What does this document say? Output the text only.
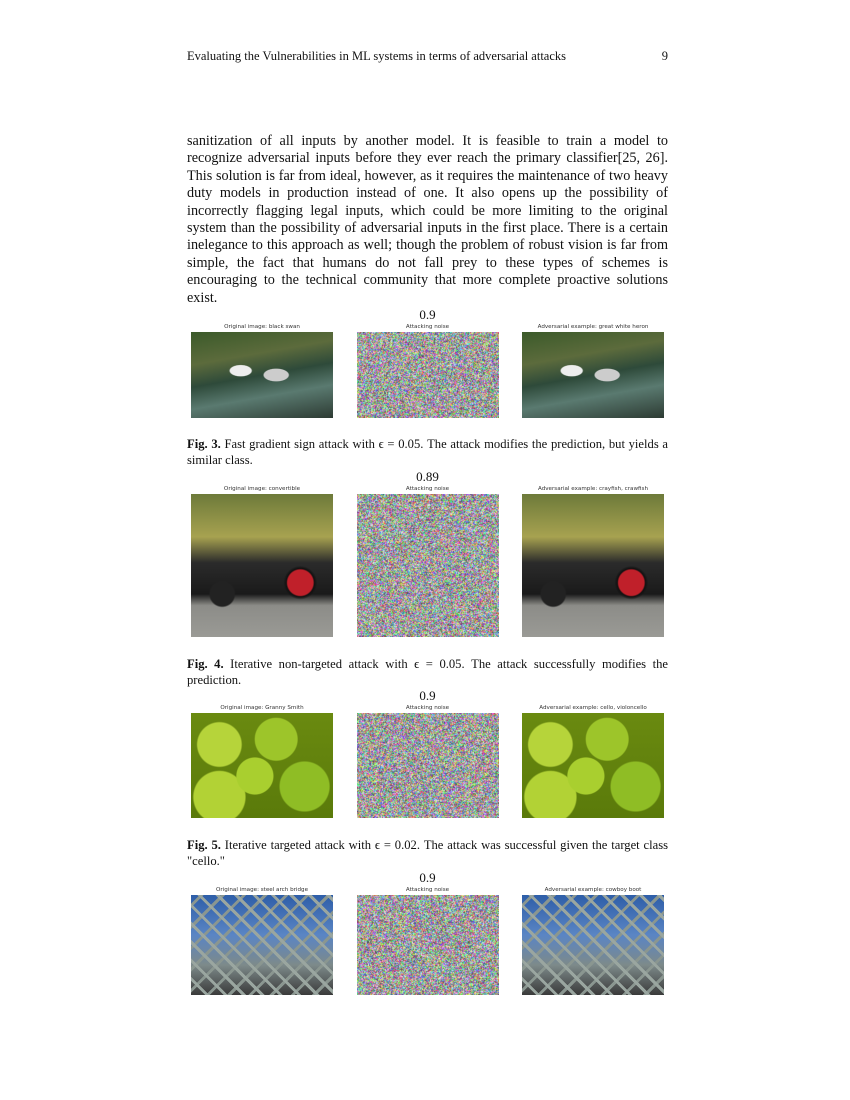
Evaluating the Vulnerabilities in ML systems in terms of adversarial attacks	9

sanitization of all inputs by another model. It is feasible to train a model to recognize adversarial inputs before they ever reach the primary classifier[25, 26]. This solution is far from ideal, however, as it requires the maintenance of two heavy duty models in production instead of one. It also opens up the possibility of incorrectly flagging legal inputs, which could be more limiting to the original system than the possibility of adversarial inputs in the first place. There is a certain inelegance to this approach as well; though the problem of robust vision is far from simple, the fact that humans do not fall prey to these types of schemes is encouraging to the technical community that more complete proactive solutions exist.

0.9
Original image: black swan	Attacking noise	Adversarial example: great white heron
Fig. 3. Fast gradient sign attack with ϵ = 0.05. The attack modifies the prediction, but yields a similar class.
0.89
Original image: convertible	Attacking noise	Adversarial example: crayfish, crawfish
Fig. 4. Iterative non-targeted attack with ϵ = 0.05. The attack successfully modifies the prediction.
0.9
Original image: Granny Smith	Attacking noise	Adversarial example: cello, violoncello
Fig. 5. Iterative targeted attack with ϵ = 0.02. The attack was successful given the target class "cello."
0.9
Original image: steel arch bridge	Attacking noise	Adversarial example: cowboy boot
